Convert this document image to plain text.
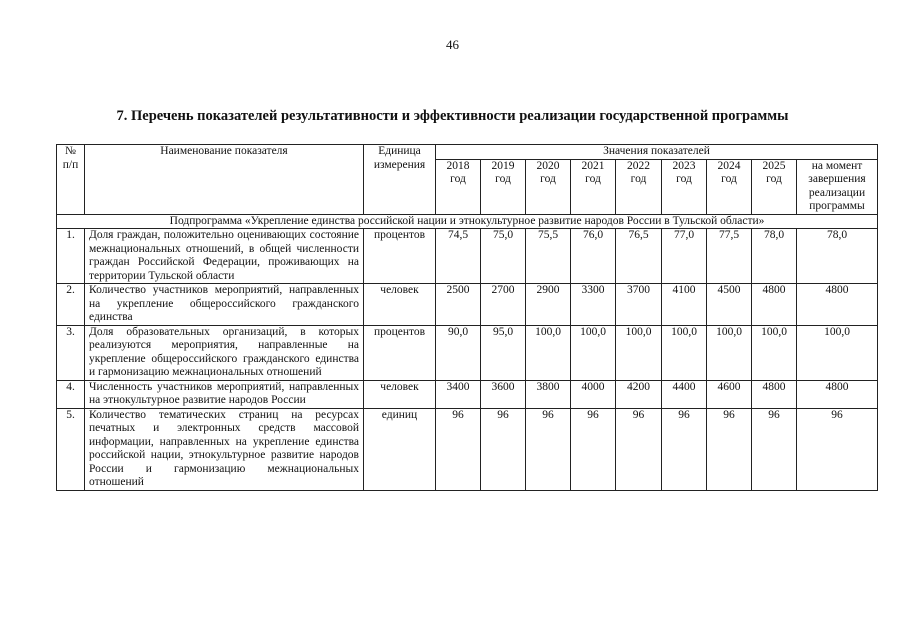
46
7. Перечень показателей результативности и эффективности реализации государственной программы
№ п/п	Наименование показателя	Единица измерения	Значения показателей								
			2018 год	2019 год	2020 год	2021 год	2022 год	2023 год	2024 год	2025 год	на момент завершения реализации программы
Подпрограмма «Укрепление единства российской нации и этнокультурное развитие народов России в Тульской области»											
1.	Доля граждан, положительно оценивающих состояние межнациональных отношений, в общей численности граждан Российской Федерации, проживающих на территории Тульской области	процентов	74,5	75,0	75,5	76,0	76,5	77,0	77,5	78,0	78,0
2.	Количество участников мероприятий, направленных на укрепление общероссийского гражданского единства	человек	2500	2700	2900	3300	3700	4100	4500	4800	4800
3.	Доля образовательных организаций, в которых реализуются мероприятия, направленные на укрепление общероссийского гражданского единства и гармонизацию межнациональных отношений	процентов	90,0	95,0	100,0	100,0	100,0	100,0	100,0	100,0	100,0
4.	Численность участников мероприятий, направленных на этнокультурное развитие народов России	человек	3400	3600	3800	4000	4200	4400	4600	4800	4800
5.	Количество тематических страниц на ресурсах печатных и электронных средств массовой информации, направленных на укрепление единства российской нации, этнокультурное развитие народов России и гармонизацию межнациональных отношений	единиц	96	96	96	96	96	96	96	96	96
